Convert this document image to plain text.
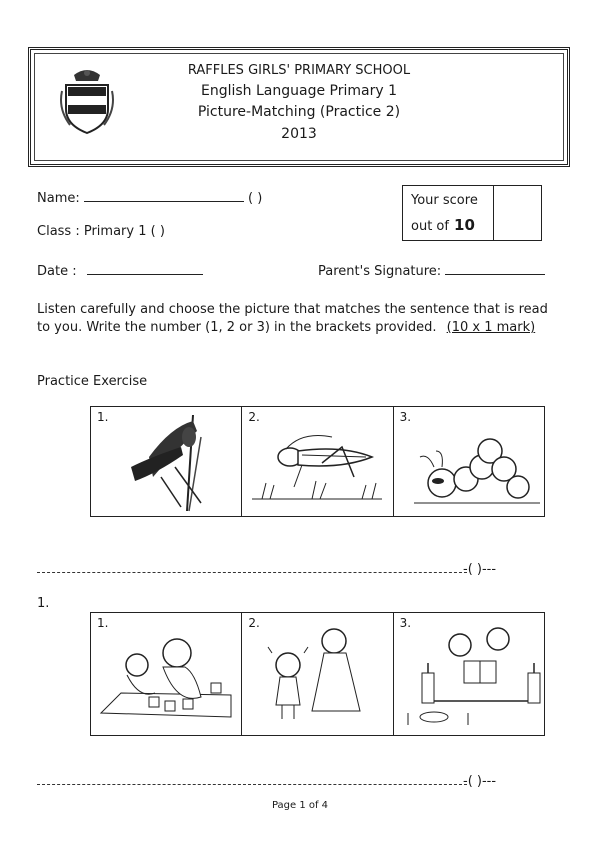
RAFFLES GIRLS' PRIMARY SCHOOL
English Language Primary 1
Picture-Matching (Practice 2)
2013
Name:	( )
Class : Primary 1 ( )
Date :	Parent's Signature:
Your score
out of 10
Listen carefully and choose the picture that matches the sentence that is read
to you. Write the number (1, 2 or 3) in the brackets provided. (10 x 1 mark)
Practice Exercise
1.	2.	3.
-( )---
1.
1.	2.	3.
-( )---
Page 1 of 4
